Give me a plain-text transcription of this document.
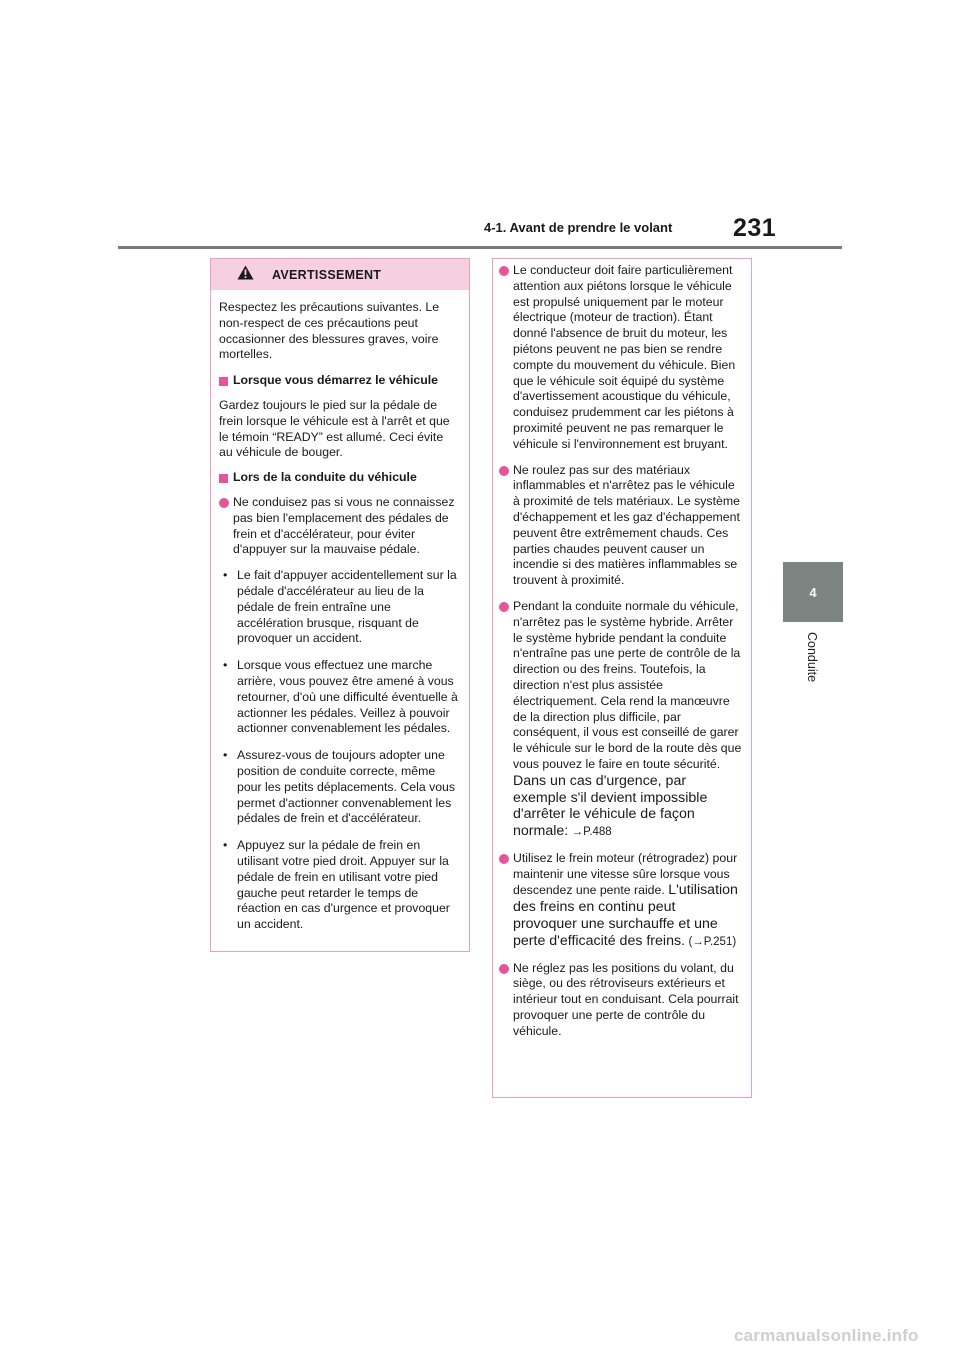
231
4-1. Avant de prendre le volant
4
Conduite
AVERTISSEMENT

Respectez les précautions suivantes. Le non-respect de ces précautions peut occasionner des blessures graves, voire mortelles.

Lorsque vous démarrez le véhicule

Gardez toujours le pied sur la pédale de frein lorsque le véhicule est à l'arrêt et que le témoin “READY” est allumé. Ceci évite au véhicule de bouger.

Lors de la conduite du véhicule
Ne conduisez pas si vous ne connaissez pas bien l'emplacement des pédales de frein et d'accélérateur, pour éviter d'appuyer sur la mauvaise pédale.
• Le fait d'appuyer accidentellement sur la pédale d'accélérateur au lieu de la pédale de frein entraîne une accélération brusque, risquant de provoquer un accident.
• Lorsque vous effectuez une marche arrière, vous pouvez être amené à vous retourner, d'où une difficulté éventuelle à actionner les pédales. Veillez à pouvoir actionner convenablement les pédales.
• Assurez-vous de toujours adopter une position de conduite correcte, même pour les petits déplacements. Cela vous permet d'actionner convenablement les pédales de frein et d'accélérateur.
• Appuyez sur la pédale de frein en utilisant votre pied droit. Appuyer sur la pédale de frein en utilisant votre pied gauche peut retarder le temps de réaction en cas d'urgence et provoquer un accident.
Le conducteur doit faire particulièrement attention aux piétons lorsque le véhicule est propulsé uniquement par le moteur électrique (moteur de traction). Étant donné l'absence de bruit du moteur, les piétons peuvent ne pas bien se rendre compte du mouvement du véhicule. Bien que le véhicule soit équipé du système d'avertissement acoustique du véhicule, conduisez prudemment car les piétons à proximité peuvent ne pas remarquer le véhicule si l'environnement est bruyant.
Ne roulez pas sur des matériaux inflammables et n'arrêtez pas le véhicule à proximité de tels matériaux. Le système d'échappement et les gaz d'échappement peuvent être extrêmement chauds. Ces parties chaudes peuvent causer un incendie si des matières inflammables se trouvent à proximité.
Pendant la conduite normale du véhicule, n'arrêtez pas le système hybride. Arrêter le système hybride pendant la conduite n'entraîne pas une perte de contrôle de la direction ou des freins. Toutefois, la direction n'est plus assistée électriquement. Cela rend la manœuvre de la direction plus difficile, par conséquent, il vous est conseillé de garer le véhicule sur le bord de la route dès que vous pouvez le faire en toute sécurité. Dans un cas d'urgence, par exemple s'il devient impossible d'arrêter le véhicule de façon normale: →P.488
Utilisez le frein moteur (rétrogradez) pour maintenir une vitesse sûre lorsque vous descendez une pente raide. L'utilisation des freins en continu peut provoquer une surchauffe et une perte d'efficacité des freins. (→P.251)
Ne réglez pas les positions du volant, du siège, ou des rétroviseurs extérieurs et intérieur tout en conduisant. Cela pourrait provoquer une perte de contrôle du véhicule.
carmanualsonline.info
